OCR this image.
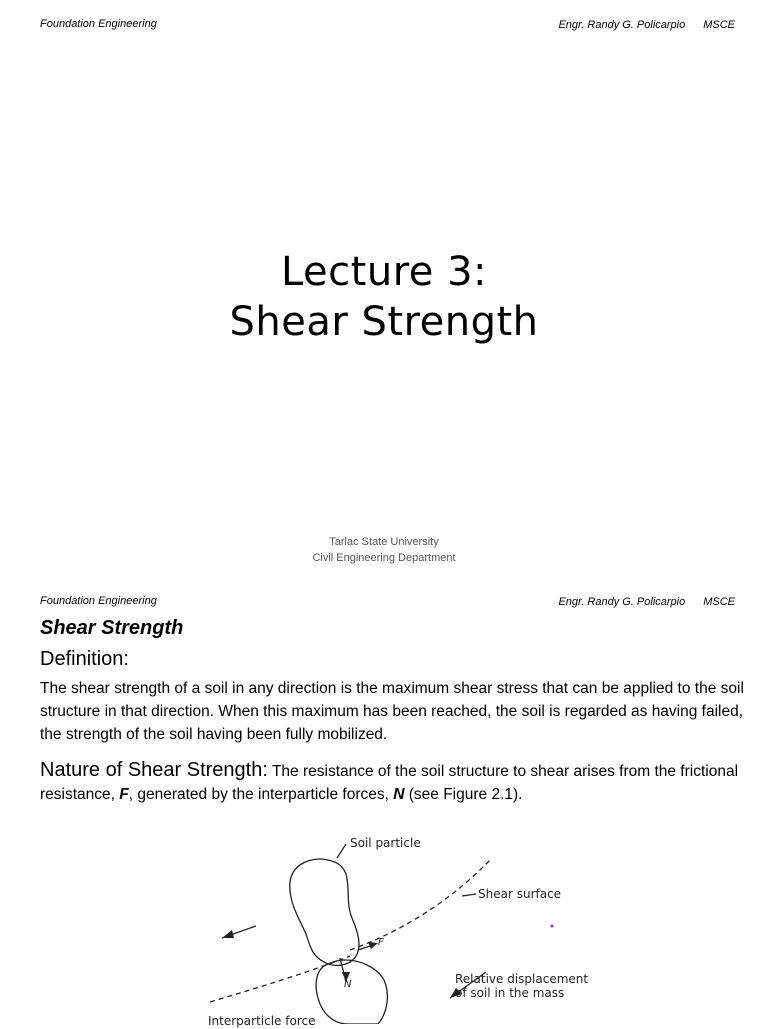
Foundation Engineering	Engr. Randy G. Policarpio MSCE
Lecture 3:
Shear Strength
Tarlac State University
Civil Engineering Department
Foundation Engineering	Engr. Randy G. Policarpio MSCE
Shear Strength
Definition:
The shear strength of a soil in any direction is the maximum shear stress that can be applied to the soil structure in that direction. When this maximum has been reached, the soil is regarded as having failed, the strength of the soil having been fully mobilized.
Nature of Shear Strength: The resistance of the soil structure to shear arises from the frictional resistance, F, generated by the interparticle forces, N (see Figure 2.1).
Soil particle
Shear surface
F
N	Relative displacement
of soil in the mass
Interparticle force
